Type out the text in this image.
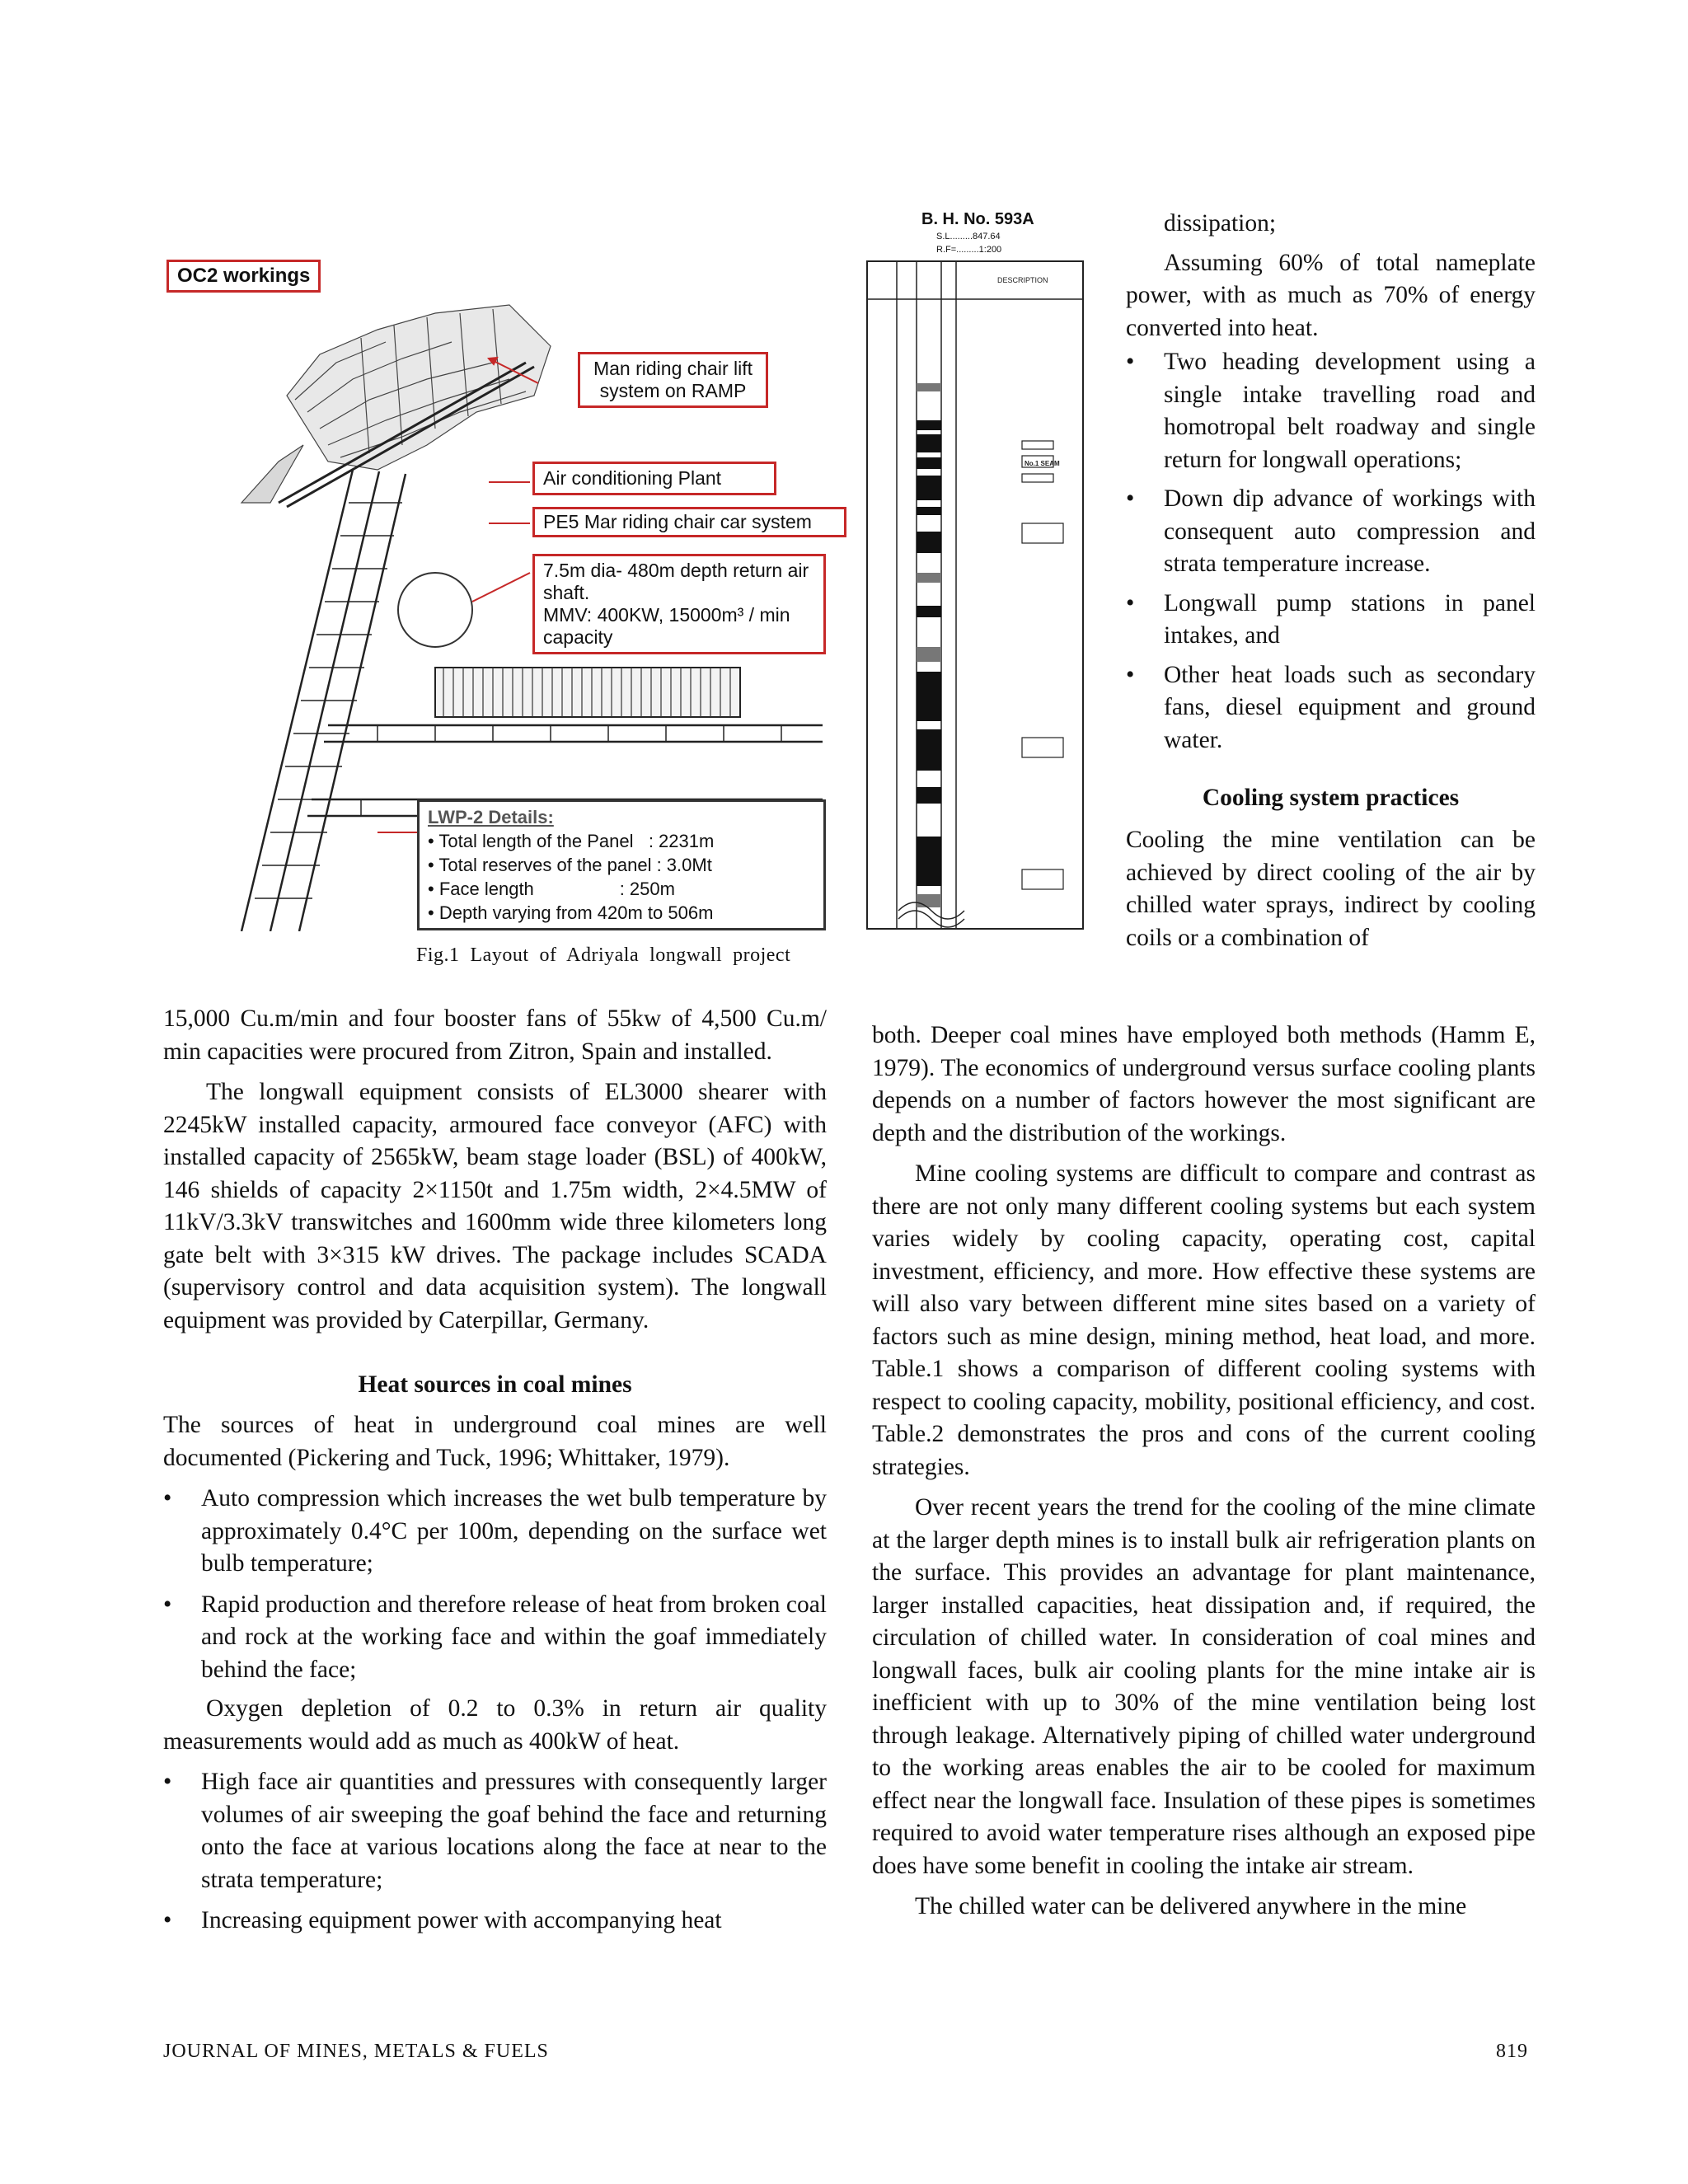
OC2 workings
Man riding chair lift system on RAMP
Air conditioning Plant
PE5 Mar riding chair car system
7.5m dia- 480m depth return air shaft.
MMV: 400KW, 15000m³ / min capacity
LWP-2 Details:
• Total length of the Panel   : 2231m
• Total reserves of the panel : 3.0Mt
• Face length                 : 250m
• Depth varying from 420m to 506m
B. H. No. 593A
S.L.........847.64
R.F=.........1:200
DESCRIPTION
No.1 SEAM
Fig.1  Layout  of  Adriyala  longwall  project

15,000 Cu.m/min and four booster fans of 55kw of 4,500 Cu.m/ min capacities were procured from Zitron, Spain and installed.

The longwall equipment consists of EL3000 shearer with 2245kW installed capacity, armoured face conveyor (AFC) with installed capacity of 2565kW, beam stage loader (BSL) of 400kW, 146 shields of capacity 2×1150t and 1.75m width, 2×4.5MW of 11kV/3.3kV transwitches and 1600mm wide three kilometers long gate belt with 3×315 kW drives. The package includes SCADA (supervisory control and data acquisition system). The longwall equipment was provided by Caterpillar, Germany.

Heat sources in coal mines

The sources of heat in underground coal mines are well documented (Pickering and Tuck, 1996; Whittaker, 1979).

• Auto compression which increases the wet bulb temperature by approximately 0.4°C per 100m, depending on the surface wet bulb temperature;
• Rapid production and therefore release of heat from broken coal and rock at the working face and within the goaf immediately behind the face;

Oxygen depletion of 0.2 to 0.3% in return air quality measurements would add as much as 400kW of heat.

• High face air quantities and pressures with consequently larger volumes of air sweeping the goaf behind the face and returning onto the face at various locations along the face at near to the strata temperature;
• Increasing equipment power with accompanying heat

dissipation;

Assuming 60% of total nameplate power, with as much as 70% of energy converted into heat.

• Two heading development using a single intake travelling road and homotropal belt roadway and single return for longwall operations;
• Down dip advance of workings with consequent auto compression and strata temperature increase.
• Longwall pump stations in panel intakes, and
• Other heat loads such as secondary fans, diesel equipment and ground water.
Cooling system practices

Cooling the mine ventilation can be achieved by direct cooling of the air by chilled water sprays, indirect by cooling coils or a combination of

both. Deeper coal mines have employed both methods (Hamm E, 1979). The economics of underground versus surface cooling plants depends on a number of factors however the most significant are depth and the distribution of the workings.

Mine cooling systems are difficult to compare and contrast as there are not only many different cooling systems but each system varies widely by cooling capacity, operating cost, capital investment, efficiency, and more. How effective these systems are will also vary between different mine sites based on a variety of factors such as mine design, mining method, heat load, and more. Table.1 shows a comparison of different cooling systems with respect to cooling capacity, mobility, positional efficiency, and cost. Table.2 demonstrates the pros and cons of the current cooling strategies.

Over recent years the trend for the cooling of the mine climate at the larger depth mines is to install bulk air refrigeration plants on the surface. This provides an advantage for plant maintenance, larger installed capacities, heat dissipation and, if required, the circulation of chilled water. In consideration of coal mines and longwall faces, bulk air cooling plants for the mine intake air is inefficient with up to 30% of the mine ventilation being lost through leakage. Alternatively piping of chilled water underground to the working areas enables the air to be cooled for maximum effect near the longwall face. Insulation of these pipes is sometimes required to avoid water temperature rises although an exposed pipe does have some benefit in cooling the intake air stream.

The chilled water can be delivered anywhere in the mine

JOURNAL OF MINES, METALS & FUELS	819
